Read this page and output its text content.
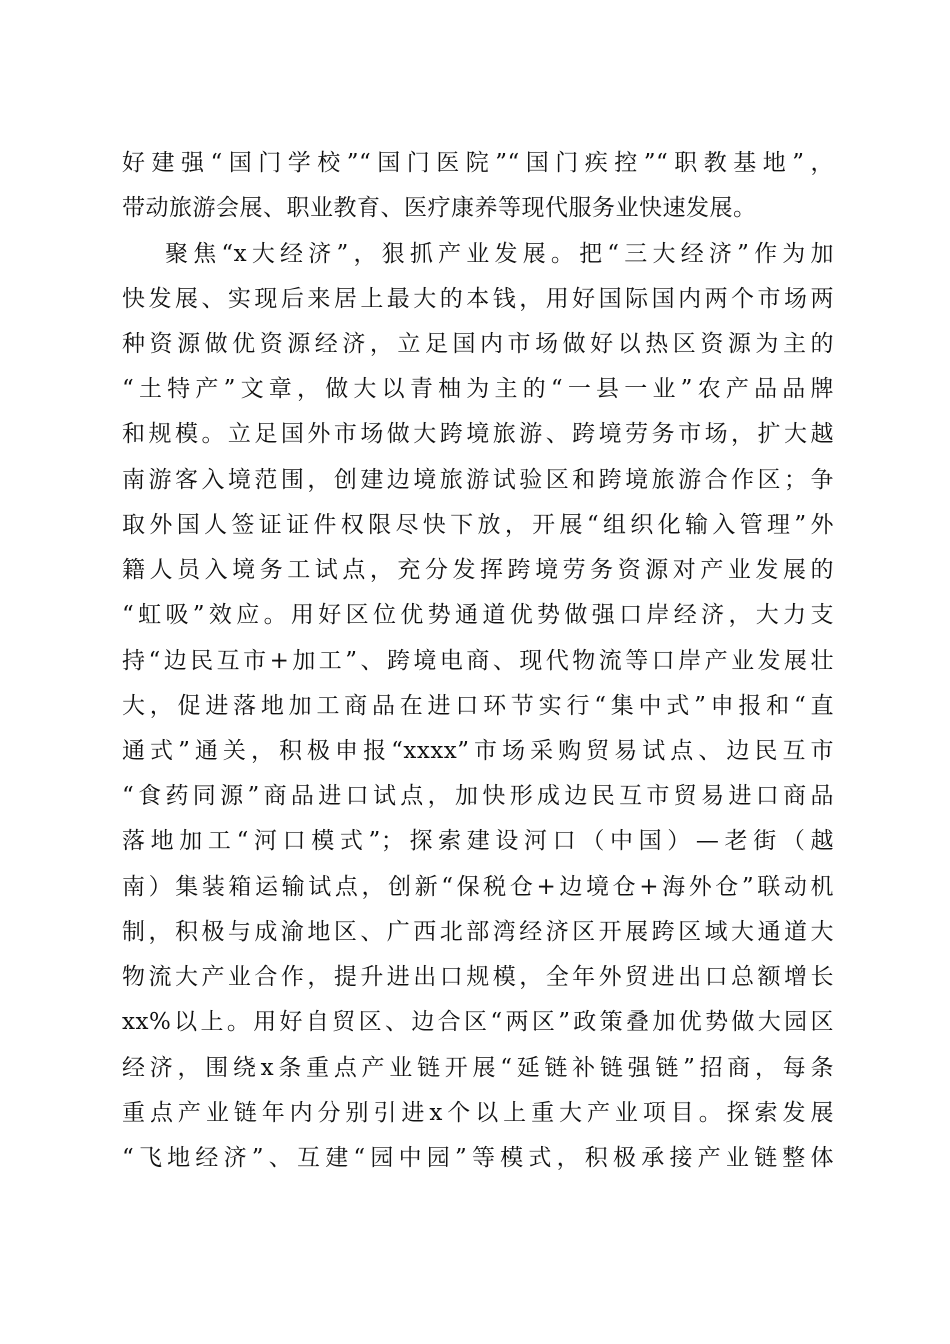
好建强“国门学校”“国门医院”“国门疾控”“职教基地”，
带动旅游会展、职业教育、医疗康养等现代服务业快速发展。
聚焦“x大经济”，狠抓产业发展。把“三大经济”作为加
快发展、实现后来居上最大的本钱，用好国际国内两个市场两
种资源做优资源经济，立足国内市场做好以热区资源为主的
“土特产”文章，做大以青柚为主的“一县一业”农产品品牌
和规模。立足国外市场做大跨境旅游、跨境劳务市场，扩大越
南游客入境范围，创建边境旅游试验区和跨境旅游合作区；争
取外国人签证证件权限尽快下放，开展“组织化输入管理”外
籍人员入境务工试点，充分发挥跨境劳务资源对产业发展的
“虹吸”效应。用好区位优势通道优势做强口岸经济，大力支
持“边民互市+加工”、跨境电商、现代物流等口岸产业发展壮
大，促进落地加工商品在进口环节实行“集中式”申报和“直
通式”通关，积极申报“xxxx”市场采购贸易试点、边民互市
“食药同源”商品进口试点，加快形成边民互市贸易进口商品
落地加工“河口模式”；探索建设河口（中国）—老街（越
南）集装箱运输试点，创新“保税仓+边境仓+海外仓”联动机
制，积极与成渝地区、广西北部湾经济区开展跨区域大通道大
物流大产业合作，提升进出口规模，全年外贸进出口总额增长
xx%以上。用好自贸区、边合区“两区”政策叠加优势做大园区
经济，围绕x条重点产业链开展“延链补链强链”招商，每条
重点产业链年内分别引进x个以上重大产业项目。探索发展
“飞地经济”、互建“园中园”等模式，积极承接产业链整体
